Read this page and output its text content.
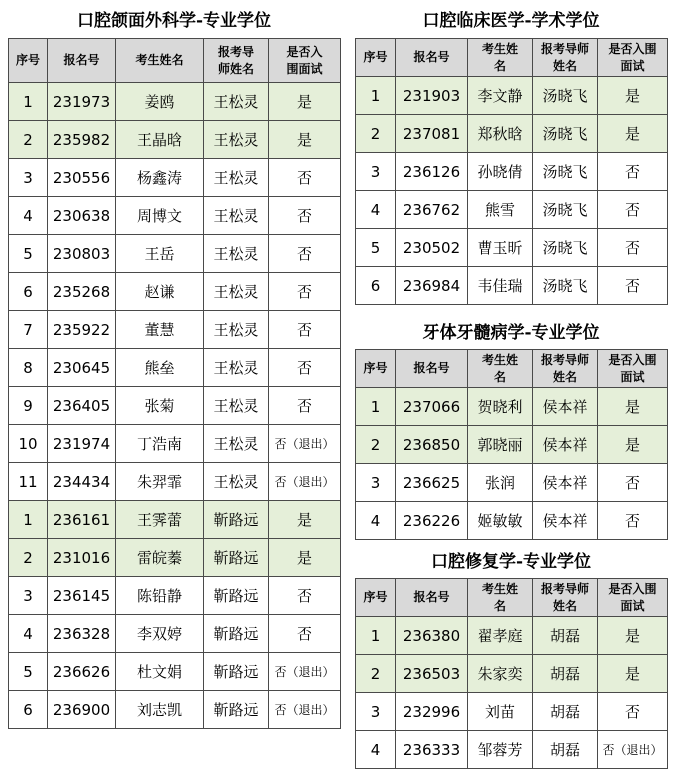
口腔颌面外科学-专业学位
序号	报名号	考生姓名	报考导师姓名	是否入围面试
1	231973	姜鸥	王松灵	是
2	235982	王晶晗	王松灵	是
3	230556	杨鑫涛	王松灵	否
4	230638	周博文	王松灵	否
5	230803	王岳	王松灵	否
6	235268	赵谦	王松灵	否
7	235922	董慧	王松灵	否
8	230645	熊垒	王松灵	否
9	236405	张菊	王松灵	否
10	231974	丁浩南	王松灵	否（退出）
11	234434	朱羿霏	王松灵	否（退出）
1	236161	王霁蕾	靳路远	是
2	231016	雷皖蓁	靳路远	是
3	236145	陈铅静	靳路远	否
4	236328	李双婷	靳路远	否
5	236626	杜文娟	靳路远	否（退出）
6	236900	刘志凯	靳路远	否（退出）
口腔临床医学-学术学位
序号	报名号	考生姓名	报考导师姓名	是否入围面试
1	231903	李文静	汤晓飞	是
2	237081	郑秋晗	汤晓飞	是
3	236126	孙晓倩	汤晓飞	否
4	236762	熊雪	汤晓飞	否
5	230502	曹玉昕	汤晓飞	否
6	236984	韦佳瑞	汤晓飞	否
牙体牙髓病学-专业学位
序号	报名号	考生姓名	报考导师姓名	是否入围面试
1	237066	贺晓利	侯本祥	是
2	236850	郭晓丽	侯本祥	是
3	236625	张润	侯本祥	否
4	236226	姬敏敏	侯本祥	否
口腔修复学-专业学位
序号	报名号	考生姓名	报考导师姓名	是否入围面试
1	236380	翟孝庭	胡磊	是
2	236503	朱家奕	胡磊	是
3	232996	刘苗	胡磊	否
4	236333	邹蓉芳	胡磊	否（退出）
